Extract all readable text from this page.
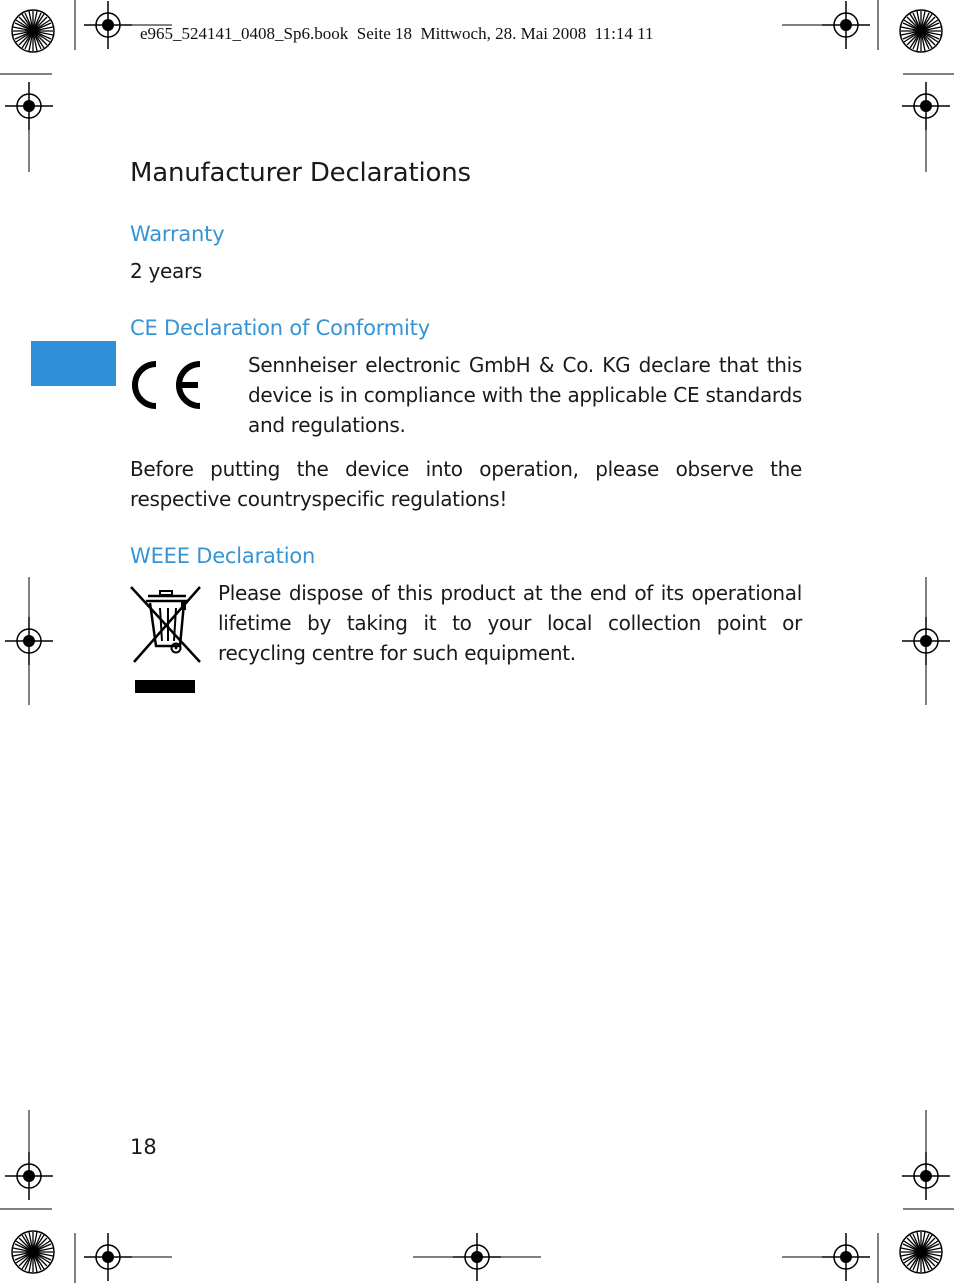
e965_524141_0408_Sp6.book  Seite 18  Mittwoch, 28. Mai 2008  11:14 11
Manufacturer Declarations
Warranty

2 years

CE Declaration of Conformity

Sennheiser electronic GmbH & Co. KG declare that this device is in compliance with the applicable CE standards and regulations.

Before putting the device into operation, please observe the respective countryspecific regulations!

WEEE Declaration

Please dispose of this product at the end of its operational lifetime by taking it to your local collection point or recycling centre for such equipment.

18
